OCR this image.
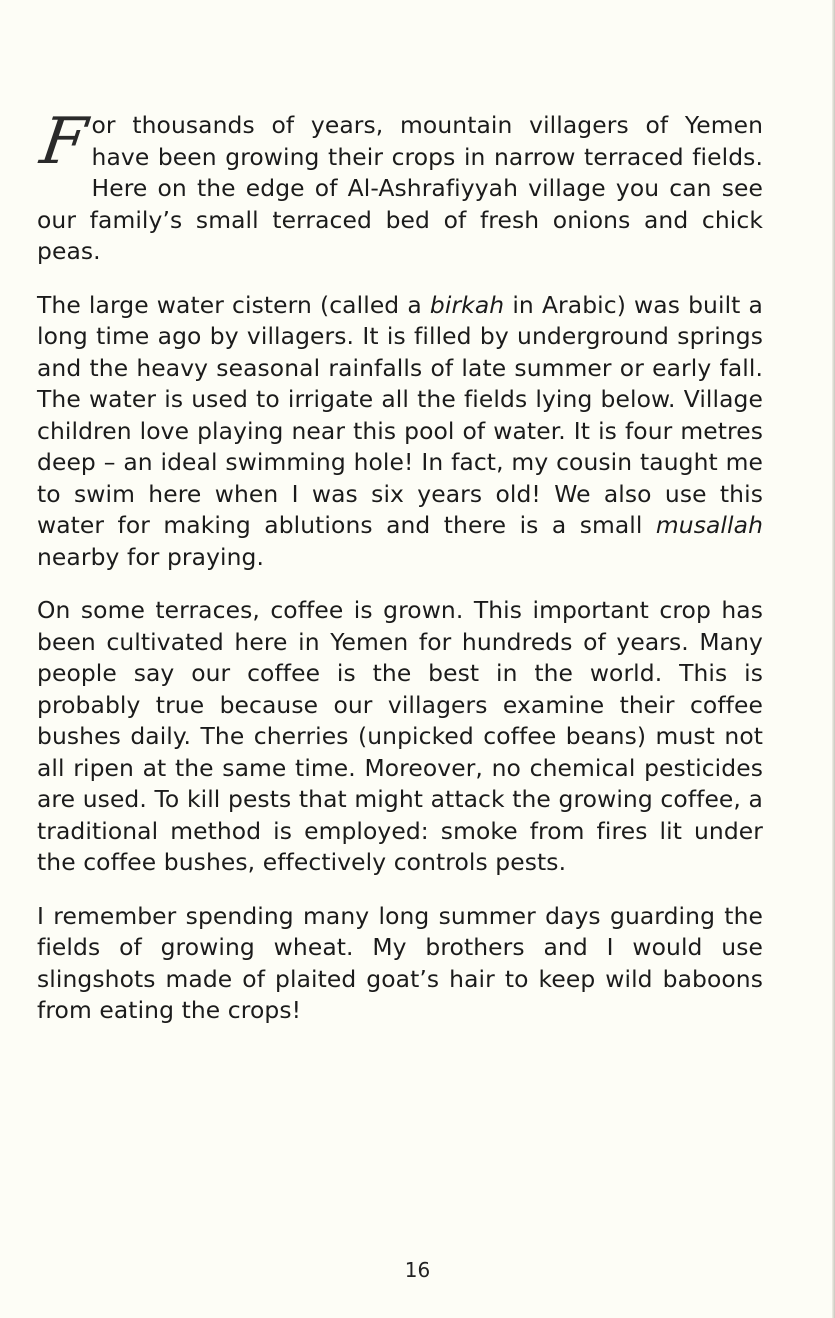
For thousands of years, mountain villagers of Yemen have been growing their crops in narrow terraced fields. Here on the edge of Al-Ashrafiyyah village you can see our family’s small terraced bed of fresh onions and chick peas.

The large water cistern (called a birkah in Arabic) was built a long time ago by villagers. It is filled by underground springs and the heavy seasonal rainfalls of late summer or early fall. The water is used to irrigate all the fields lying below. Village children love playing near this pool of water. It is four metres deep – an ideal swimming hole! In fact, my cousin taught me to swim here when I was six years old! We also use this water for making ablutions and there is a small musallah nearby for praying.

On some terraces, coffee is grown. This important crop has been cultivated here in Yemen for hundreds of years. Many people say our coffee is the best in the world. This is probably true because our villagers examine their coffee bushes daily. The cherries (unpicked coffee beans) must not all ripen at the same time. Moreover, no chemical pesticides are used. To kill pests that might attack the growing coffee, a traditional method is employed: smoke from fires lit under the coffee bushes, effectively controls pests.

I remember spending many long summer days guarding the fields of growing wheat. My brothers and I would use slingshots made of plaited goat’s hair to keep wild baboons from eating the crops!

16
